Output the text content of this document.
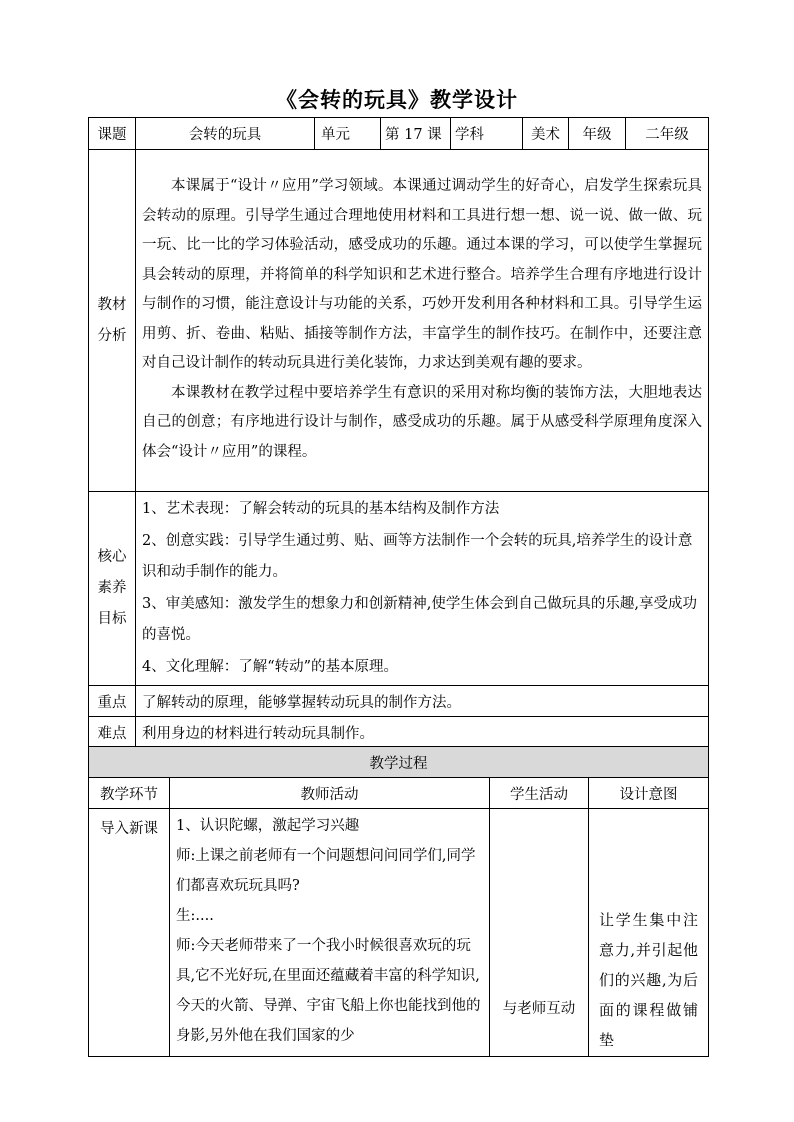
《会转的玩具》教学设计
课题	会转的玩具	单元	第 17 课	学科	美术	年级	二年级

教材分析	本课属于“设计〃应用”学习领域。本课通过调动学生的好奇心，启发学生探索玩具会转动的原理。引导学生通过合理地使用材料和工具进行想一想、说一说、做一做、玩一玩、比一比的学习体验活动，感受成功的乐趣。通过本课的学习，可以使学生掌握玩具会转动的原理，并将简单的科学知识和艺术进行整合。培养学生合理有序地进行设计与制作的习惯，能注意设计与功能的关系，巧妙开发利用各种材料和工具。引导学生运用剪、折、卷曲、粘贴、插接等制作方法，丰富学生的制作技巧。在制作中，还要注意对自己设计制作的转动玩具进行美化装饰，力求达到美观有趣的要求。

本课教材在教学过程中要培养学生有意识的采用对称均衡的装饰方法，大胆地表达自己的创意；有序地进行设计与制作，感受成功的乐趣。属于从感受科学原理角度深入体会“设计〃应用”的课程。						

核心素养目标	1、艺术表现：了解会转动的玩具的基本结构及制作方法
2、创意实践：引导学生通过剪、贴、画等方法制作一个会转的玩具,培养学生的设计意识和动手制作的能力。
3、审美感知：激发学生的想象力和创新精神,使学生体会到自己做玩具的乐趣,享受成功的喜悦。
4、文化理解：了解“转动”的基本原理。						

重点	了解转动的原理，能够掌握转动玩具的制作方法。						
难点	利用身边的材料进行转动玩具制作。						
教学过程			
教学环节	教师活动	学生活动	设计意图
导入新课	1、认识陀螺，激起学习兴趣
师:上课之前老师有一个问题想问问同学们,同学们都喜欢玩玩具吗?
生:....
师:今天老师带来了一个我小时候很喜欢玩的玩具,它不光好玩,在里面还蕴藏着丰富的科学知识,今天的火箭、导弹、宇宙飞船上你也能找到他的身影,另外他在我们国家的少	与老师互动	让学生集中注意力,并引起他们的兴趣,为后面的课程做铺垫
